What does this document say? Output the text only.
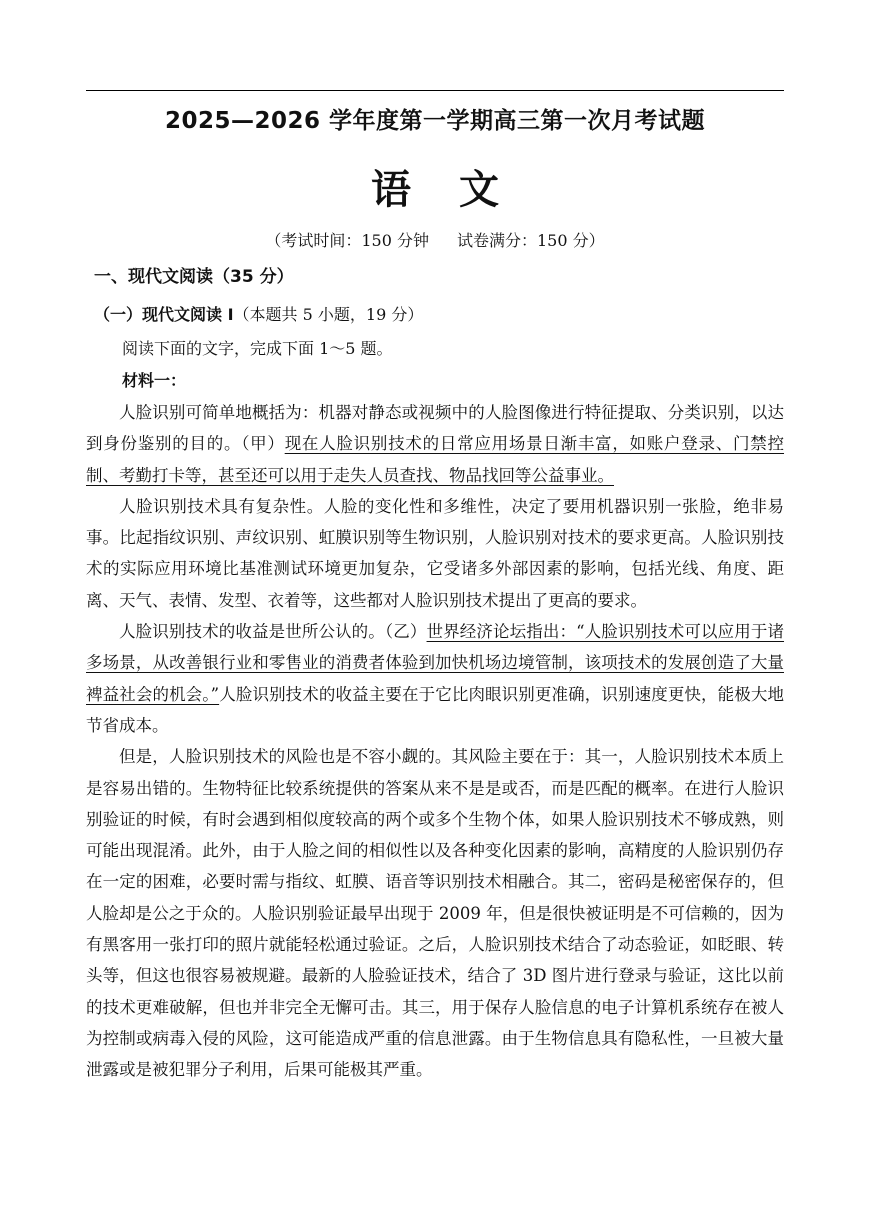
2025—2026 学年度第一学期高三第一次月考试题
语 文
（考试时间：150 分钟 试卷满分：150 分）
一、现代文阅读（35 分）
（一）现代文阅读 I（本题共 5 小题，19 分）
阅读下面的文字，完成下面 1～5 题。
材料一：

人脸识别可简单地概括为：机器对静态或视频中的人脸图像进行特征提取、分类识别，以达到身份鉴别的目的。（甲）现在人脸识别技术的日常应用场景日渐丰富，如账户登录、门禁控制、考勤打卡等，甚至还可以用于走失人员查找、物品找回等公益事业。

人脸识别技术具有复杂性。人脸的变化性和多维性，决定了要用机器识别一张脸，绝非易事。比起指纹识别、声纹识别、虹膜识别等生物识别，人脸识别对技术的要求更高。人脸识别技术的实际应用环境比基准测试环境更加复杂，它受诸多外部因素的影响，包括光线、角度、距离、天气、表情、发型、衣着等，这些都对人脸识别技术提出了更高的要求。

人脸识别技术的收益是世所公认的。（乙）世界经济论坛指出：“人脸识别技术可以应用于诸多场景，从改善银行业和零售业的消费者体验到加快机场边境管制，该项技术的发展创造了大量裨益社会的机会。”人脸识别技术的收益主要在于它比肉眼识别更准确，识别速度更快，能极大地节省成本。

但是，人脸识别技术的风险也是不容小觑的。其风险主要在于：其一，人脸识别技术本质上是容易出错的。生物特征比较系统提供的答案从来不是是或否，而是匹配的概率。在进行人脸识别验证的时候，有时会遇到相似度较高的两个或多个生物个体，如果人脸识别技术不够成熟，则可能出现混淆。此外，由于人脸之间的相似性以及各种变化因素的影响，高精度的人脸识别仍存在一定的困难，必要时需与指纹、虹膜、语音等识别技术相融合。其二，密码是秘密保存的，但人脸却是公之于众的。人脸识别验证最早出现于 2009 年，但是很快被证明是不可信赖的，因为有黑客用一张打印的照片就能轻松通过验证。之后，人脸识别技术结合了动态验证，如眨眼、转头等，但这也很容易被规避。最新的人脸验证技术，结合了 3D 图片进行登录与验证，这比以前的技术更难破解，但也并非完全无懈可击。其三，用于保存人脸信息的电子计算机系统存在被人为控制或病毒入侵的风险，这可能造成严重的信息泄露。由于生物信息具有隐私性，一旦被大量泄露或是被犯罪分子利用，后果可能极其严重。
